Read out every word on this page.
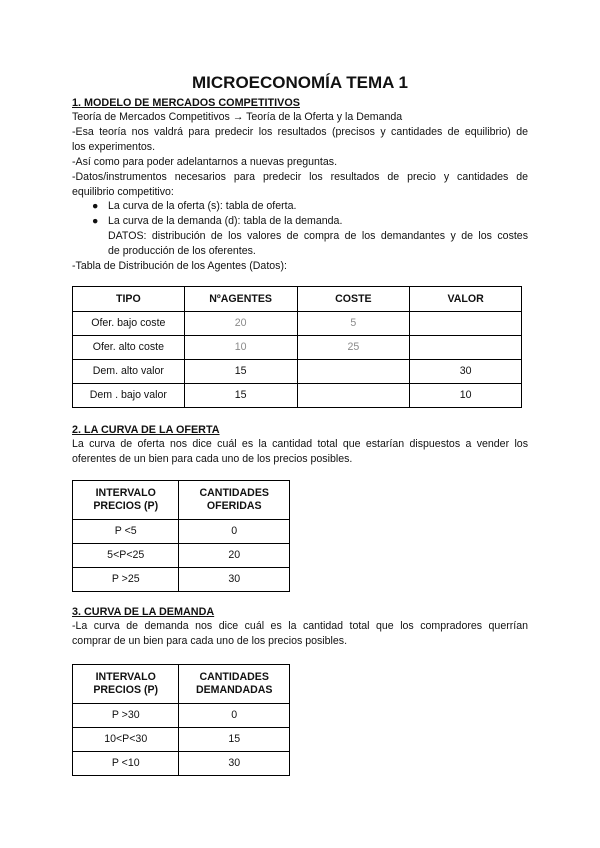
MICROECONOMÍA TEMA 1
1. MODELO DE MERCADOS COMPETITIVOS
Teoría de Mercados Competitivos → Teoría de la Oferta y la Demanda
-Esa teoría nos valdrá para predecir los resultados (precisos y cantidades de equilibrio) de
los experimentos.
-Así como para poder adelantarnos a nuevas preguntas.
-Datos/instrumentos necesarios para predecir los resultados de precio y cantidades de
equilibrio competitivo:
● La curva de la oferta (s): tabla de oferta.
● La curva de la demanda (d): tabla de la demanda.
DATOS: distribución de los valores de compra de los demandantes y de los costes
de producción de los oferentes.
-Tabla de Distribución de los Agentes (Datos):
TIPO	NºAGENTES	COSTE	VALOR
Ofer. bajo coste	20	5	
Ofer. alto coste	10	25	
Dem. alto valor	15		30
Dem . bajo valor	15		10
2. LA CURVA DE LA OFERTA
La curva de oferta nos dice cuál es la cantidad total que estarían dispuestos a vender los
oferentes de un bien para cada uno de los precios posibles.
INTERVALO
PRECIOS (P)	CANTIDADES
OFERIDAS

P <5	0
5<P<25	20
P >25	30
3. CURVA DE LA DEMANDA
-La curva de demanda nos dice cuál es la cantidad total que los compradores querrían
comprar de un bien para cada uno de los precios posibles.
INTERVALO
PRECIOS (P)	CANTIDADES
DEMANDADAS

P >30	0
10<P<30	15
P <10	30
